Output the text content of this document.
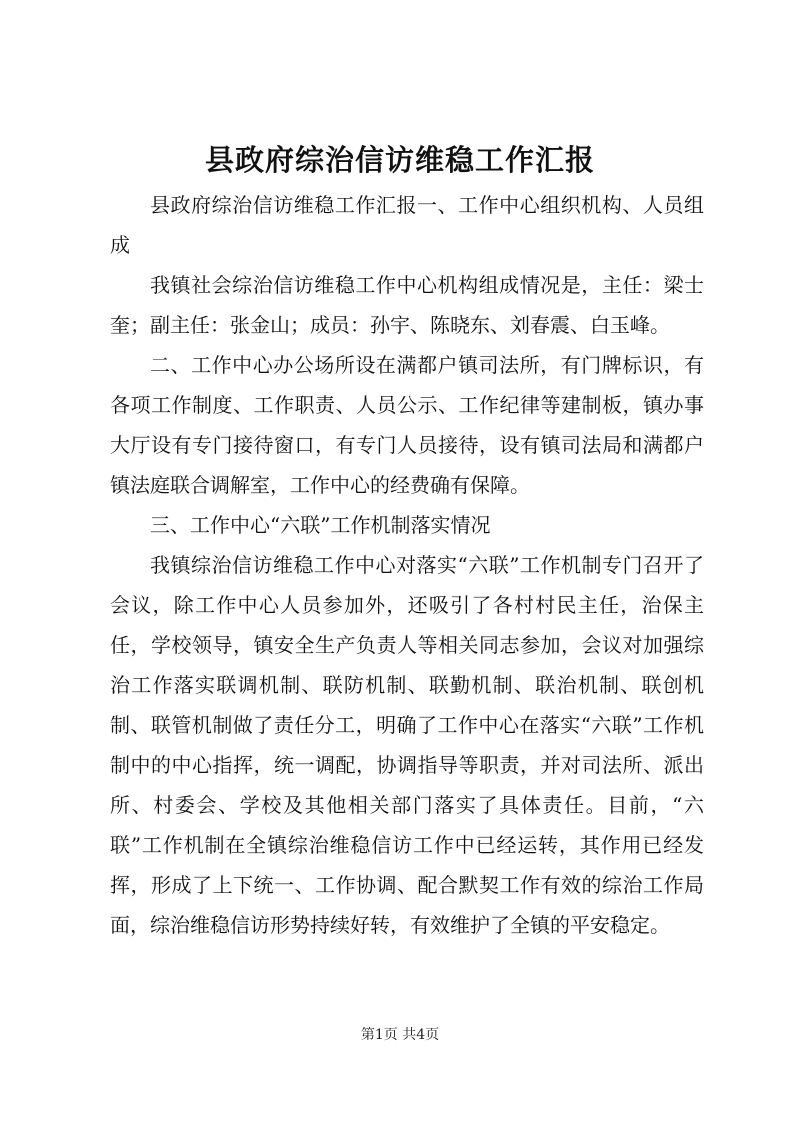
县政府综治信访维稳工作汇报

县政府综治信访维稳工作汇报一、工作中心组织机构、人员组成

我镇社会综治信访维稳工作中心机构组成情况是，主任：梁士奎；副主任：张金山；成员：孙宇、陈晓东、刘春震、白玉峰。

二、工作中心办公场所设在满都户镇司法所，有门牌标识，有各项工作制度、工作职责、人员公示、工作纪律等建制板，镇办事大厅设有专门接待窗口，有专门人员接待，设有镇司法局和满都户镇法庭联合调解室，工作中心的经费确有保障。

三、工作中心“六联”工作机制落实情况

我镇综治信访维稳工作中心对落实“六联”工作机制专门召开了会议，除工作中心人员参加外，还吸引了各村村民主任，治保主任，学校领导，镇安全生产负责人等相关同志参加，会议对加强综治工作落实联调机制、联防机制、联勤机制、联治机制、联创机制、联管机制做了责任分工，明确了工作中心在落实“六联”工作机制中的中心指挥，统一调配，协调指导等职责，并对司法所、派出所、村委会、学校及其他相关部门落实了具体责任。目前，“六联”工作机制在全镇综治维稳信访工作中已经运转，其作用已经发挥，形成了上下统一、工作协调、配合默契工作有效的综治工作局面，综治维稳信访形势持续好转，有效维护了全镇的平安稳定。

第1页 共4页
